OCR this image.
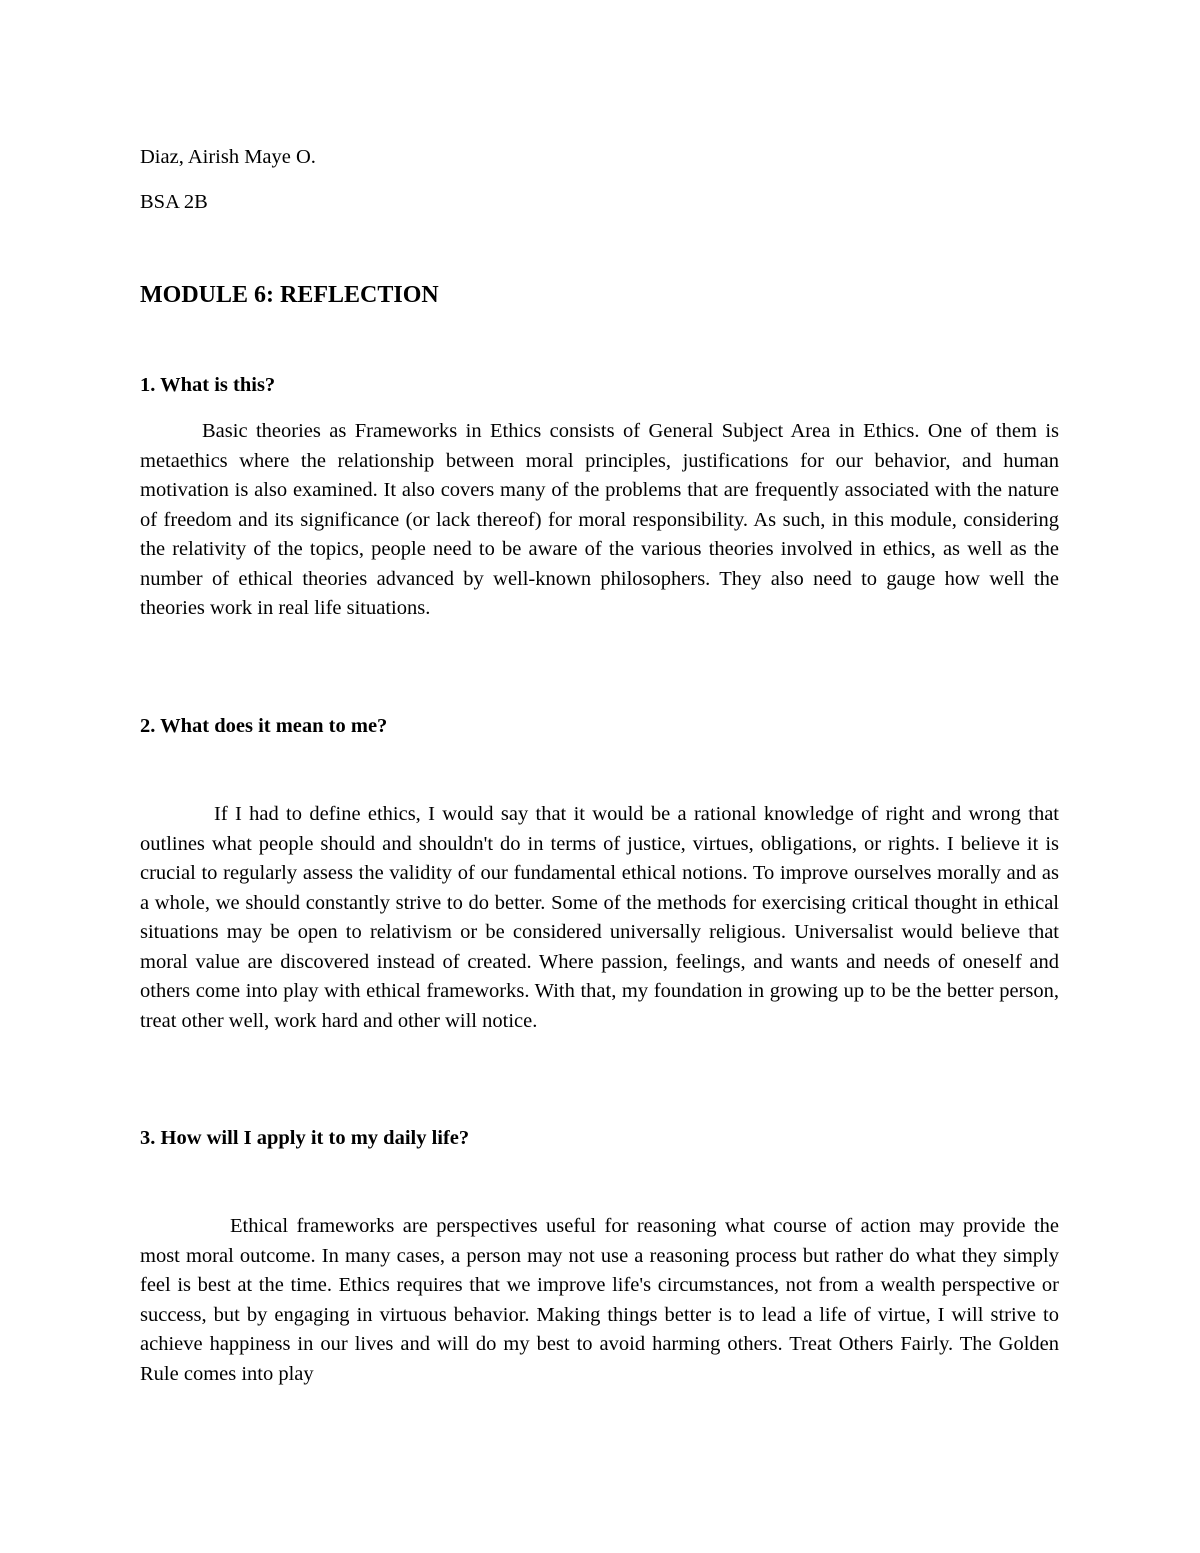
Diaz, Airish Maye O.
BSA 2B
MODULE 6: REFLECTION
1. What is this?

Basic theories as Frameworks in Ethics consists of General Subject Area in Ethics. One of them is metaethics where the relationship between moral principles, justifications for our behavior, and human motivation is also examined. It also covers many of the problems that are frequently associated with the nature of freedom and its significance (or lack thereof) for moral responsibility. As such, in this module, considering the relativity of the topics, people need to be aware of the various theories involved in ethics, as well as the number of ethical theories advanced by well-known philosophers. They also need to gauge how well the theories work in real life situations.

2. What does it mean to me?

If I had to define ethics, I would say that it would be a rational knowledge of right and wrong that outlines what people should and shouldn't do in terms of justice, virtues, obligations, or rights. I believe it is crucial to regularly assess the validity of our fundamental ethical notions. To improve ourselves morally and as a whole, we should constantly strive to do better. Some of the methods for exercising critical thought in ethical situations may be open to relativism or be considered universally religious. Universalist would believe that moral value are discovered instead of created. Where passion, feelings, and wants and needs of oneself and others come into play with ethical frameworks. With that, my foundation in growing up to be the better person, treat other well, work hard and other will notice.

3. How will I apply it to my daily life?

Ethical frameworks are perspectives useful for reasoning what course of action may provide the most moral outcome. In many cases, a person may not use a reasoning process but rather do what they simply feel is best at the time. Ethics requires that we improve life's circumstances, not from a wealth perspective or success, but by engaging in virtuous behavior. Making things better is to lead a life of virtue, I will strive to achieve happiness in our lives and will do my best to avoid harming others. Treat Others Fairly. The Golden Rule comes into play
